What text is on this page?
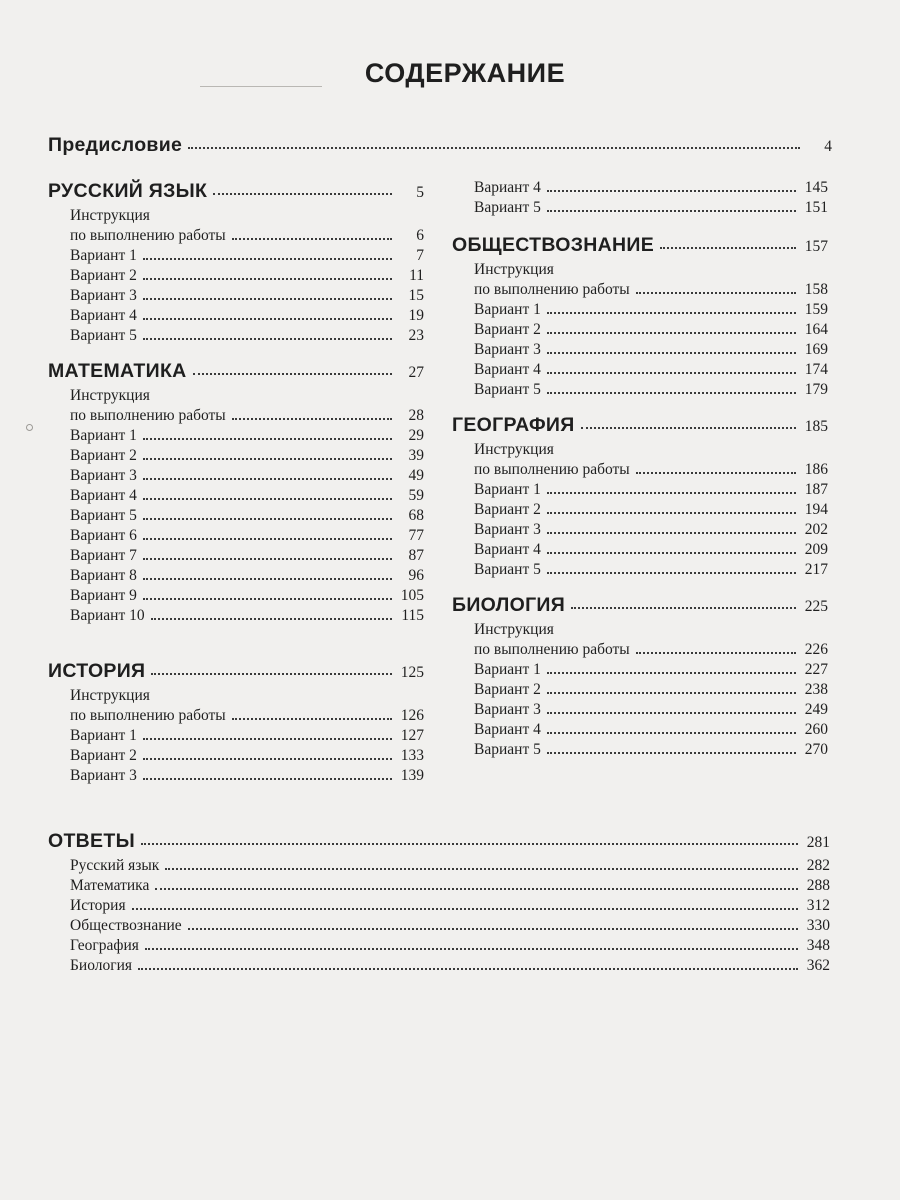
СОДЕРЖАНИЕ
Предисловие	4
РУССКИЙ ЯЗЫК	5
Инструкция
по выполнению работы	6
Вариант 1	7
Вариант 2	11
Вариант 3	15
Вариант 4	19
Вариант 5	23
МАТЕМАТИКА	27
Инструкция
по выполнению работы	28
Вариант 1	29
Вариант 2	39
Вариант 3	49
Вариант 4	59
Вариант 5	68
Вариант 6	77
Вариант 7	87
Вариант 8	96
Вариант 9	105
Вариант 10	115
ИСТОРИЯ	125
Инструкция
по выполнению работы	126
Вариант 1	127
Вариант 2	133
Вариант 3	139
Вариант 4	145
Вариант 5	151
ОБЩЕСТВОЗНАНИЕ	157
Инструкция
по выполнению работы	158
Вариант 1	159
Вариант 2	164
Вариант 3	169
Вариант 4	174
Вариант 5	179
ГЕОГРАФИЯ	185
Инструкция
по выполнению работы	186
Вариант 1	187
Вариант 2	194
Вариант 3	202
Вариант 4	209
Вариант 5	217
БИОЛОГИЯ	225
Инструкция
по выполнению работы	226
Вариант 1	227
Вариант 2	238
Вариант 3	249
Вариант 4	260
Вариант 5	270
ОТВЕТЫ	281
Русский язык	282
Математика	288
История	312
Обществознание	330
География	348
Биология	362
